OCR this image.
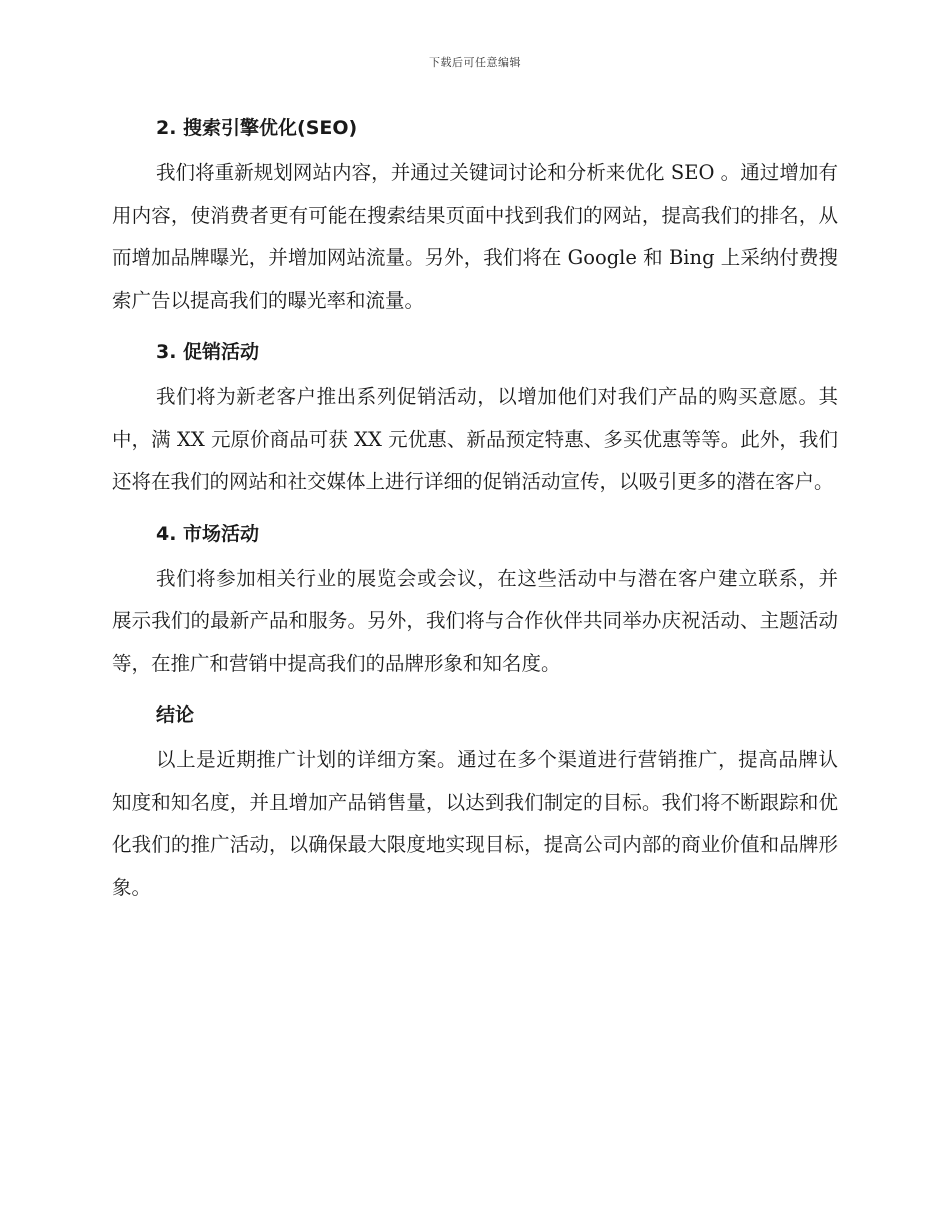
下载后可任意编辑
2. 搜索引擎优化(SEO)

我们将重新规划网站内容，并通过关键词讨论和分析来优化 SEO 。通过增加有用内容，使消费者更有可能在搜索结果页面中找到我们的网站，提高我们的排名，从而增加品牌曝光，并增加网站流量。另外，我们将在 Google 和 Bing 上采纳付费搜索广告以提高我们的曝光率和流量。

3. 促销活动

我们将为新老客户推出系列促销活动，以增加他们对我们产品的购买意愿。其中，满 XX 元原价商品可获 XX 元优惠、新品预定特惠、多买优惠等等。此外，我们还将在我们的网站和社交媒体上进行详细的促销活动宣传，以吸引更多的潜在客户。

4. 市场活动

我们将参加相关行业的展览会或会议，在这些活动中与潜在客户建立联系，并展示我们的最新产品和服务。另外，我们将与合作伙伴共同举办庆祝活动、主题活动等，在推广和营销中提高我们的品牌形象和知名度。

结论

以上是近期推广计划的详细方案。通过在多个渠道进行营销推广，提高品牌认知度和知名度，并且增加产品销售量，以达到我们制定的目标。我们将不断跟踪和优化我们的推广活动，以确保最大限度地实现目标，提高公司内部的商业价值和品牌形象。
